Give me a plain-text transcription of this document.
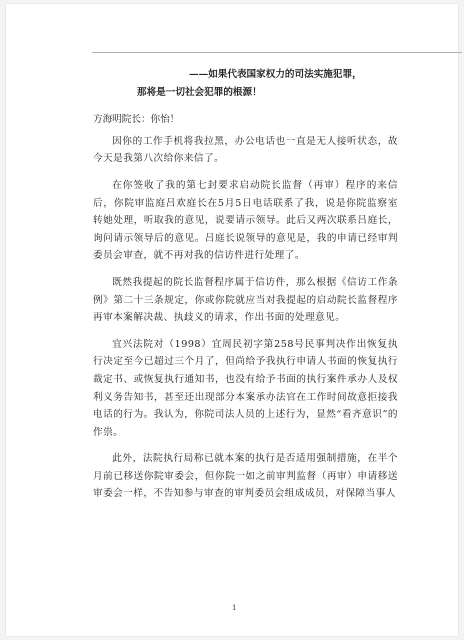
——如果代表国家权力的司法实施犯罪，
那将是一切社会犯罪的根源！

方海明院长：你怡！

因你的工作手机将我拉黑，办公电话也一直是无人接听状态，故今天是我第八次给你来信了。

在你签收了我的第七封要求启动院长监督（再审）程序的来信后，你院审监庭吕欢庭长在5月5日电话联系了我，说是你院监察室转她处理，听取我的意见，说要请示领导。此后又两次联系吕庭长，询问请示领导后的意见。吕庭长说领导的意见是，我的申请已经审判委员会审查，就不再对我的信访件进行处理了。

既然我提起的院长监督程序属于信访件，那么根据《信访工作条例》第二十三条规定，你或你院就应当对我提起的启动院长监督程序再审本案解决裁、执歧义的请求，作出书面的处理意见。

宜兴法院对（1998）宜周民初字第258号民事判决作出恢复执行决定至今已超过三个月了，但尚给予我执行申请人书面的恢复执行裁定书、或恢复执行通知书，也没有给予书面的执行案件承办人及权利义务告知书，甚至还出现部分本案承办法官在工作时间故意拒接我电话的行为。我认为，你院司法人员的上述行为，显然“看齐意识”的作祟。

此外，法院执行局称已就本案的执行是否适用强制措施，在半个月前已移送你院审委会，但你院一如之前审判监督（再审）申请移送审委会一样，不告知参与审查的审判委员会组成成员，对保障当事人

1
